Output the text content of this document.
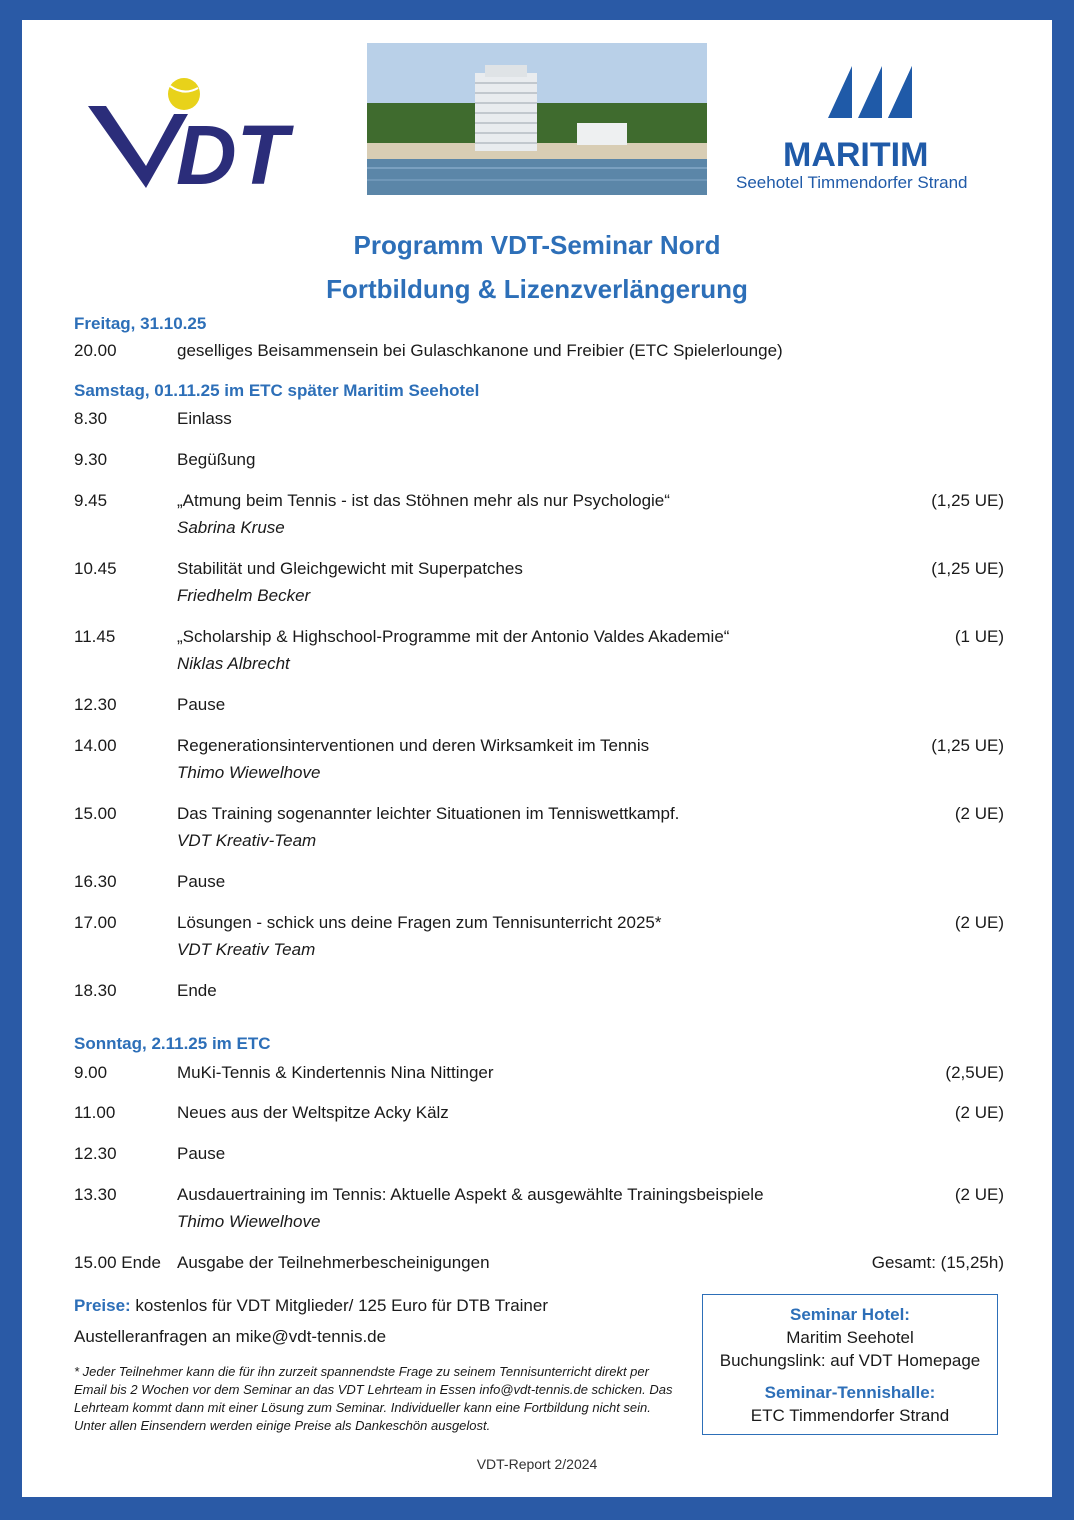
DT	MARITIM
Seehotel Timmendorfer Strand
Programm VDT-Seminar Nord
Fortbildung & Lizenzverlängerung
Freitag, 31.10.25
20.00	geselliges Beisammensein bei Gulaschkanone und Freibier (ETC Spielerlounge)
Samstag, 01.11.25 im ETC später Maritim Seehotel
8.30	Einlass
9.30	Begüßung
9.45	„Atmung beim Tennis - ist das Stöhnen mehr als nur Psychologie“	(1,25 UE)
Sabrina Kruse
10.45	Stabilität und Gleichgewicht mit Superpatches	(1,25 UE)
Friedhelm Becker
11.45	„Scholarship & Highschool-Programme mit der Antonio Valdes Akademie“	(1 UE)
Niklas Albrecht
12.30	Pause
14.00	Regenerationsinterventionen und deren Wirksamkeit im Tennis	(1,25 UE)
Thimo Wiewelhove
15.00	Das Training sogenannter leichter Situationen im Tenniswettkampf.	(2 UE)
VDT Kreativ-Team
16.30	Pause
17.00	Lösungen - schick uns deine Fragen zum Tennisunterricht 2025*	(2 UE)
VDT Kreativ Team
18.30	Ende
Sonntag, 2.11.25 im ETC
9.00	MuKi-Tennis & Kindertennis Nina Nittinger	(2,5UE)
11.00	Neues aus der Weltspitze Acky Kälz	(2 UE)
12.30	Pause
13.30	Ausdauertraining im Tennis: Aktuelle Aspekt & ausgewählte Trainingsbeispiele	(2 UE)
Thimo Wiewelhove
15.00 Ende Ausgabe der Teilnehmerbescheinigungen	Gesamt: (15,25h)
Preise: kostenlos für VDT Mitglieder/ 125 Euro für DTB Trainer
Austelleranfragen an mike@vdt-tennis.de
* Jeder Teilnehmer kann die für ihn zurzeit spannendste Frage zu seinem Tennisunterricht direkt per Email bis 2 Wochen vor dem Seminar an das VDT Lehrteam in Essen info@vdt-tennis.de schicken. Das Lehrteam kommt dann mit einer Lösung zum Seminar. Individueller kann eine Fortbildung nicht sein. Unter allen Einsendern werden einige Preise als Dankeschön ausgelost.
Seminar Hotel:
Maritim Seehotel
Buchungslink: auf VDT Homepage
Seminar-Tennishalle:
ETC Timmendorfer Strand
VDT-Report 2/2024
